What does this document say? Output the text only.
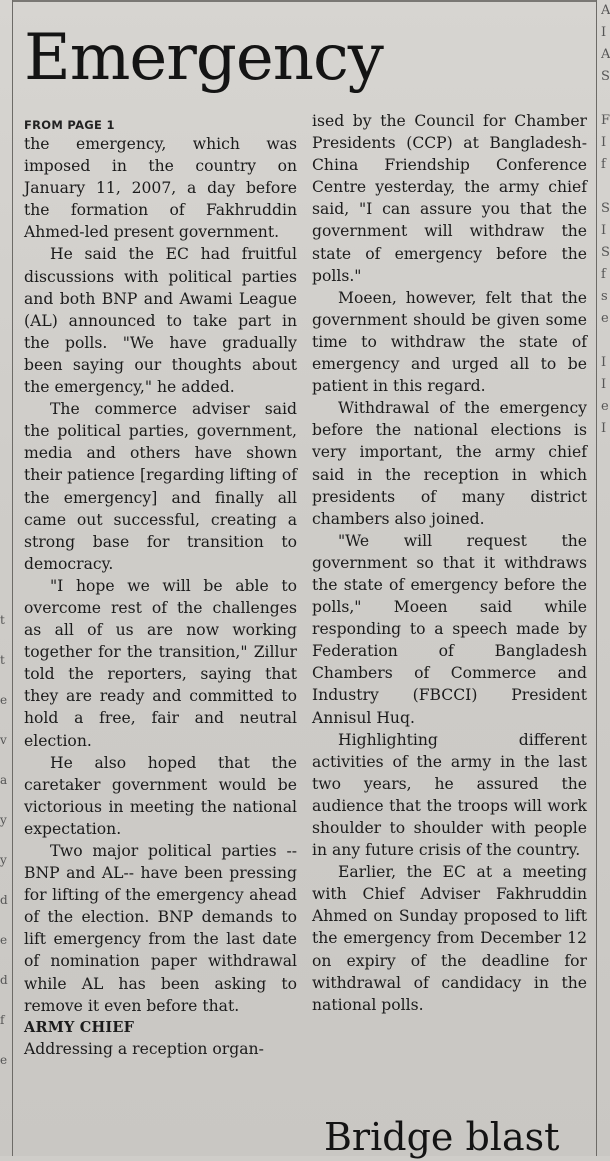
Emergency

FROM PAGE 1

the emergency, which was imposed in the country on January 11, 2007, a day before the formation of Fakhruddin Ahmed-led present government.

He said the EC had fruitful discussions with political parties and both BNP and Awami League (AL) announced to take part in the polls. "We have gradually been saying our thoughts about the emergency," he added.

The commerce adviser said the political parties, government, media and others have shown their patience [regarding lifting of the emergency] and finally all came out successful, creating a strong base for transition to democracy.

"I hope we will be able to overcome rest of the challenges as all of us are now working together for the transition," Zillur told the reporters, saying that they are ready and committed to hold a free, fair and neutral election.

He also hoped that the caretaker government would be victorious in meeting the national expectation.

Two major political parties --BNP and AL-- have been pressing for lifting of the emergency ahead of the election. BNP demands to lift emergency from the last date of nomination paper withdrawal while AL has been asking to remove it even before that.

ARMY CHIEF

Addressing a reception organ-

ised by the Council for Chamber Presidents (CCP) at Bangladesh-China Friendship Conference Centre yesterday, the army chief said, "I can assure you that the government will withdraw the state of emergency before the polls."

Moeen, however, felt that the government should be given some time to withdraw the state of emergency and urged all to be patient in this regard.

Withdrawal of the emergency before the national elections is very important, the army chief said in the reception in which presidents of many district chambers also joined.

"We will request the government so that it withdraws the state of emergency before the polls," Moeen said while responding to a speech made by Federation of Bangladesh Chambers of Commerce and Industry (FBCCI) President Annisul Huq.

Highlighting different activities of the army in the last two years, he assured the audience that the troops will work shoulder to shoulder with people in any future crisis of the country.

Earlier, the EC at a meeting with Chief Adviser Fakhruddin Ahmed on Sunday proposed to lift the emergency from December 12 on expiry of the deadline for withdrawal of candidacy in the national polls.

Bridge blast
t
t
e
v
a
y
y
d
e
d
f
e
A
I
A
S

F
I
f

S
I
S
f
s
e

I
I
e
I
